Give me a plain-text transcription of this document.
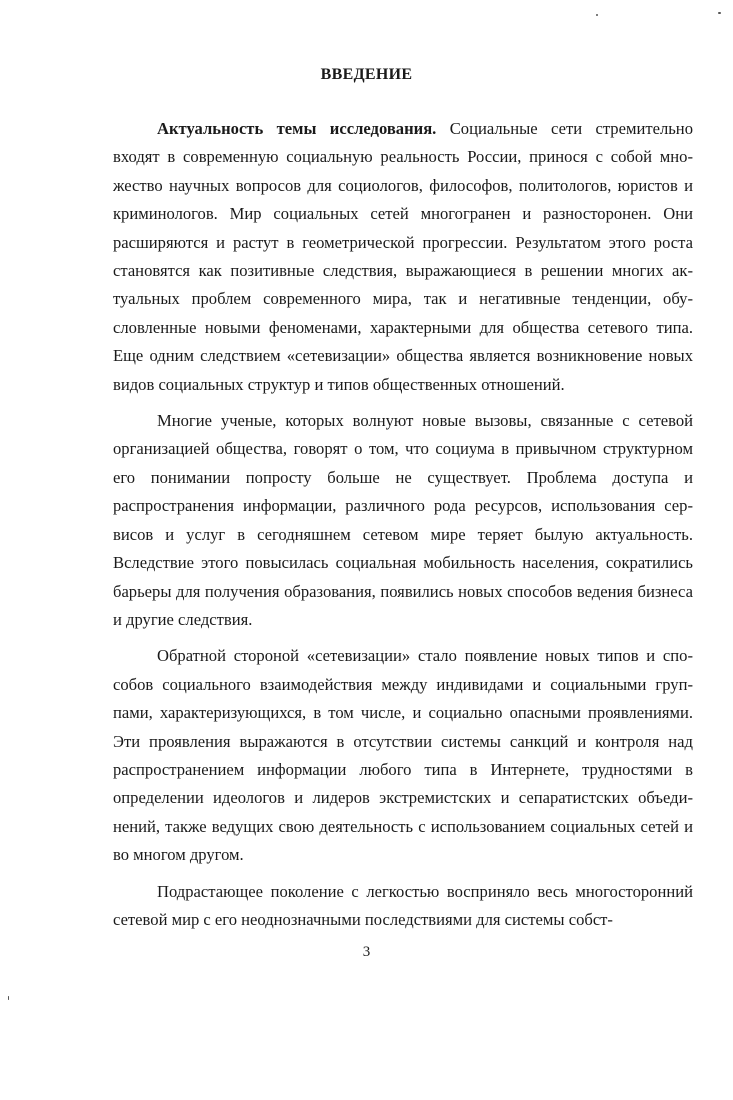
ВВЕДЕНИЕ

Актуальность темы исследования. Социальные сети стремительно входят в современную социальную реальность России, принося с собой множество научных вопросов для социологов, философов, политологов, юристов и криминологов. Мир социальных сетей многогранен и разносторонен. Они расширяются и растут в геометрической прогрессии. Результатом этого роста становятся как позитивные следствия, выражающиеся в решении многих актуальных проблем современного мира, так и негативные тенденции, обусловленные новыми феноменами, характерными для общества сетевого типа. Еще одним следствием «сетевизации» общества является возникновение новых видов социальных структур и типов общественных отношений.

Многие ученые, которых волнуют новые вызовы, связанные с сетевой организацией общества, говорят о том, что социума в привычном структурном его понимании попросту больше не существует. Проблема доступа и распространения информации, различного рода ресурсов, использования сервисов и услуг в сегодняшнем сетевом мире теряет былую актуальность. Вследствие этого повысилась социальная мобильность населения, сократились барьеры для получения образования, появились новых способов ведения бизнеса и другие следствия.

Обратной стороной «сетевизации» стало появление новых типов и способов социального взаимодействия между индивидами и социальными группами, характеризующихся, в том числе, и социально опасными проявлениями. Эти проявления выражаются в отсутствии системы санкций и контроля над распространением информации любого типа в Интернете, трудностями в определении идеологов и лидеров экстремистских и сепаратистских объединений, также ведущих свою деятельность с использованием социальных сетей и во многом другом.

Подрастающее поколение с легкостью восприняло весь многосторонний сетевой мир с его неоднозначными последствиями для системы собст-

3
